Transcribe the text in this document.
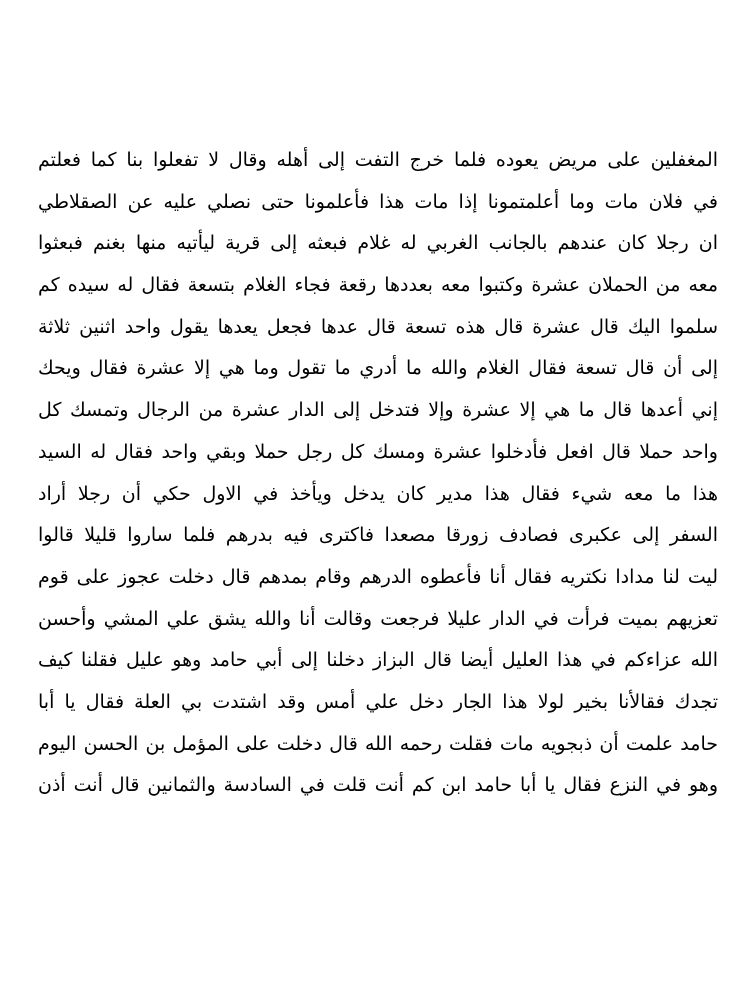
المغفلين على مريض يعوده فلما خرج التفت إلى أهله وقال لا تفعلوا بنا كما فعلتم
في فلان مات وما أعلمتمونا إذا مات هذا فأعلمونا حتى نصلي عليه عن الصقلاطي
ان رجلا كان عندهم بالجانب الغربي له غلام فبعثه إلى قرية ليأتيه منها بغنم فبعثوا
معه من الحملان عشرة وكتبوا معه بعددها رقعة فجاء الغلام بتسعة فقال له سيده كم
سلموا اليك قال عشرة قال هذه تسعة قال عدها فجعل يعدها يقول واحد اثنين ثلاثة
إلى أن قال تسعة فقال الغلام والله ما أدري ما تقول وما هي إلا عشرة فقال ويحك
إني أعدها قال ما هي إلا عشرة وإلا فتدخل إلى الدار عشرة من الرجال وتمسك كل
واحد حملا قال افعل فأدخلوا عشرة ومسك كل رجل حملا وبقي واحد فقال له السيد
هذا ما معه شيء فقال هذا مدير كان يدخل ويأخذ في الاول حكي أن رجلا أراد
السفر إلى عكبرى فصادف زورقا مصعدا فاكترى فيه بدرهم فلما ساروا قليلا قالوا
ليت لنا مدادا نكتريه فقال أنا فأعطوه الدرهم وقام بمدهم قال دخلت عجوز على قوم
تعزيهم بميت فرأت في الدار عليلا فرجعت وقالت أنا والله يشق علي المشي وأحسن
الله عزاءكم في هذا العليل أيضا قال البزاز دخلنا إلى أبي حامد وهو عليل فقلنا كيف
تجدك فقالأنا بخير لولا هذا الجار دخل علي أمس وقد اشتدت بي العلة فقال يا أبا
حامد علمت أن ذبجويه مات فقلت رحمه الله قال دخلت على المؤمل بن الحسن اليوم
وهو في النزع فقال يا أبا حامد ابن كم أنت قلت في السادسة والثمانين قال أنت أذن
